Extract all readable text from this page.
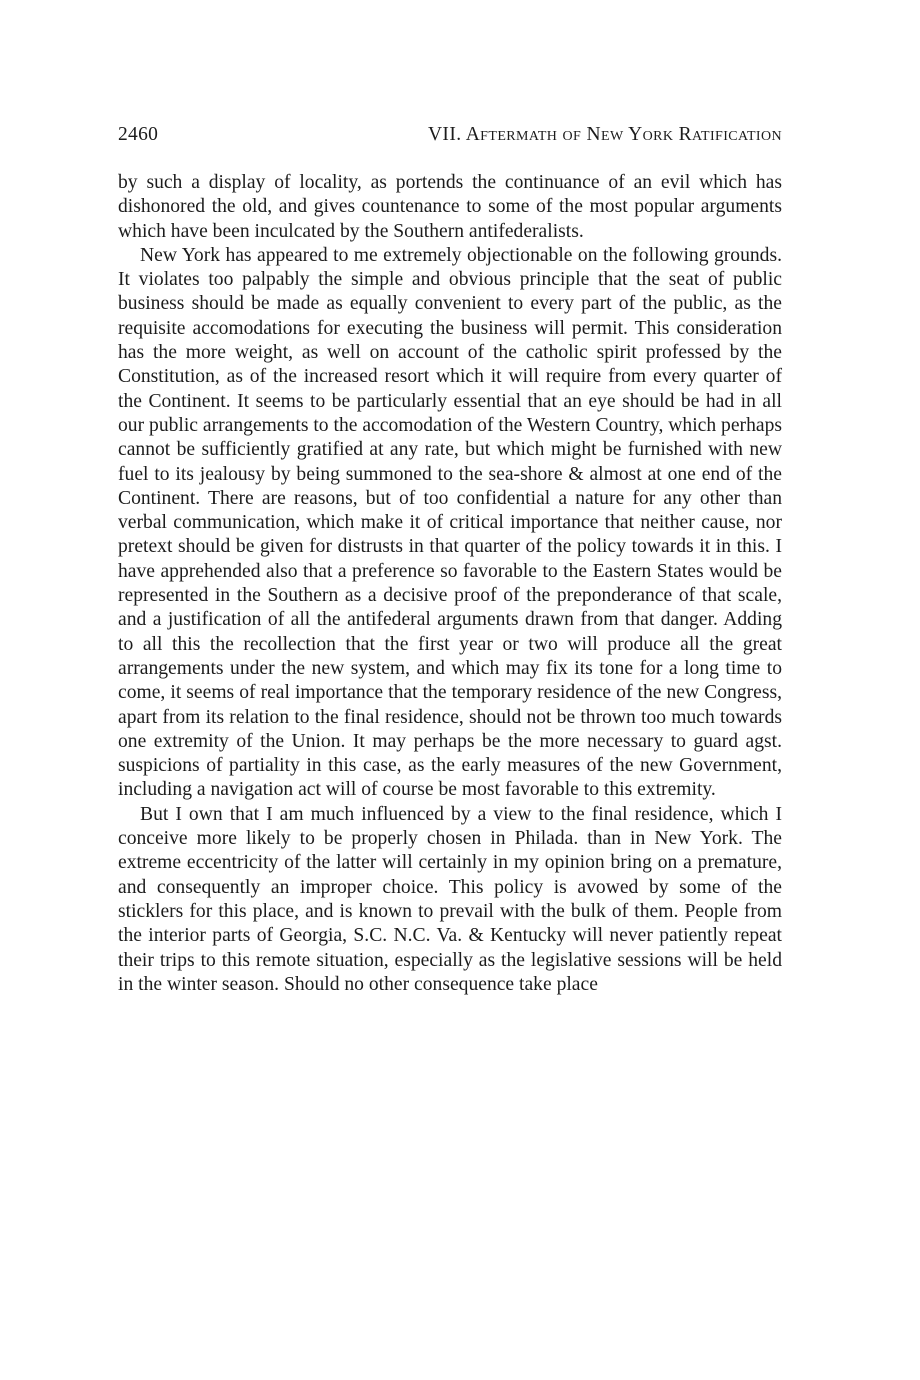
2460	VII. Aftermath of New York Ratification

by such a display of locality, as portends the continuance of an evil which has dishonored the old, and gives countenance to some of the most popular arguments which have been inculcated by the Southern antifederalists.

New York has appeared to me extremely objectionable on the following grounds. It violates too palpably the simple and obvious principle that the seat of public business should be made as equally convenient to every part of the public, as the requisite accomodations for executing the business will permit. This consideration has the more weight, as well on account of the catholic spirit professed by the Constitution, as of the increased resort which it will require from every quarter of the Continent. It seems to be particularly essential that an eye should be had in all our public arrangements to the accomodation of the Western Country, which perhaps cannot be sufficiently gratified at any rate, but which might be furnished with new fuel to its jealousy by being summoned to the sea-shore & almost at one end of the Continent. There are reasons, but of too confidential a nature for any other than verbal communication, which make it of critical importance that neither cause, nor pretext should be given for distrusts in that quarter of the policy towards it in this. I have apprehended also that a preference so favorable to the Eastern States would be represented in the Southern as a decisive proof of the preponderance of that scale, and a justification of all the antifederal arguments drawn from that danger. Adding to all this the recollection that the first year or two will produce all the great arrangements under the new system, and which may fix its tone for a long time to come, it seems of real importance that the temporary residence of the new Congress, apart from its relation to the final residence, should not be thrown too much towards one extremity of the Union. It may perhaps be the more necessary to guard agst. suspicions of partiality in this case, as the early measures of the new Government, including a navigation act will of course be most favorable to this extremity.

But I own that I am much influenced by a view to the final residence, which I conceive more likely to be properly chosen in Philada. than in New York. The extreme eccentricity of the latter will certainly in my opinion bring on a premature, and consequently an improper choice. This policy is avowed by some of the sticklers for this place, and is known to prevail with the bulk of them. People from the interior parts of Georgia, S.C. N.C. Va. & Kentucky will never patiently repeat their trips to this remote situation, especially as the legislative sessions will be held in the winter season. Should no other consequence take place
